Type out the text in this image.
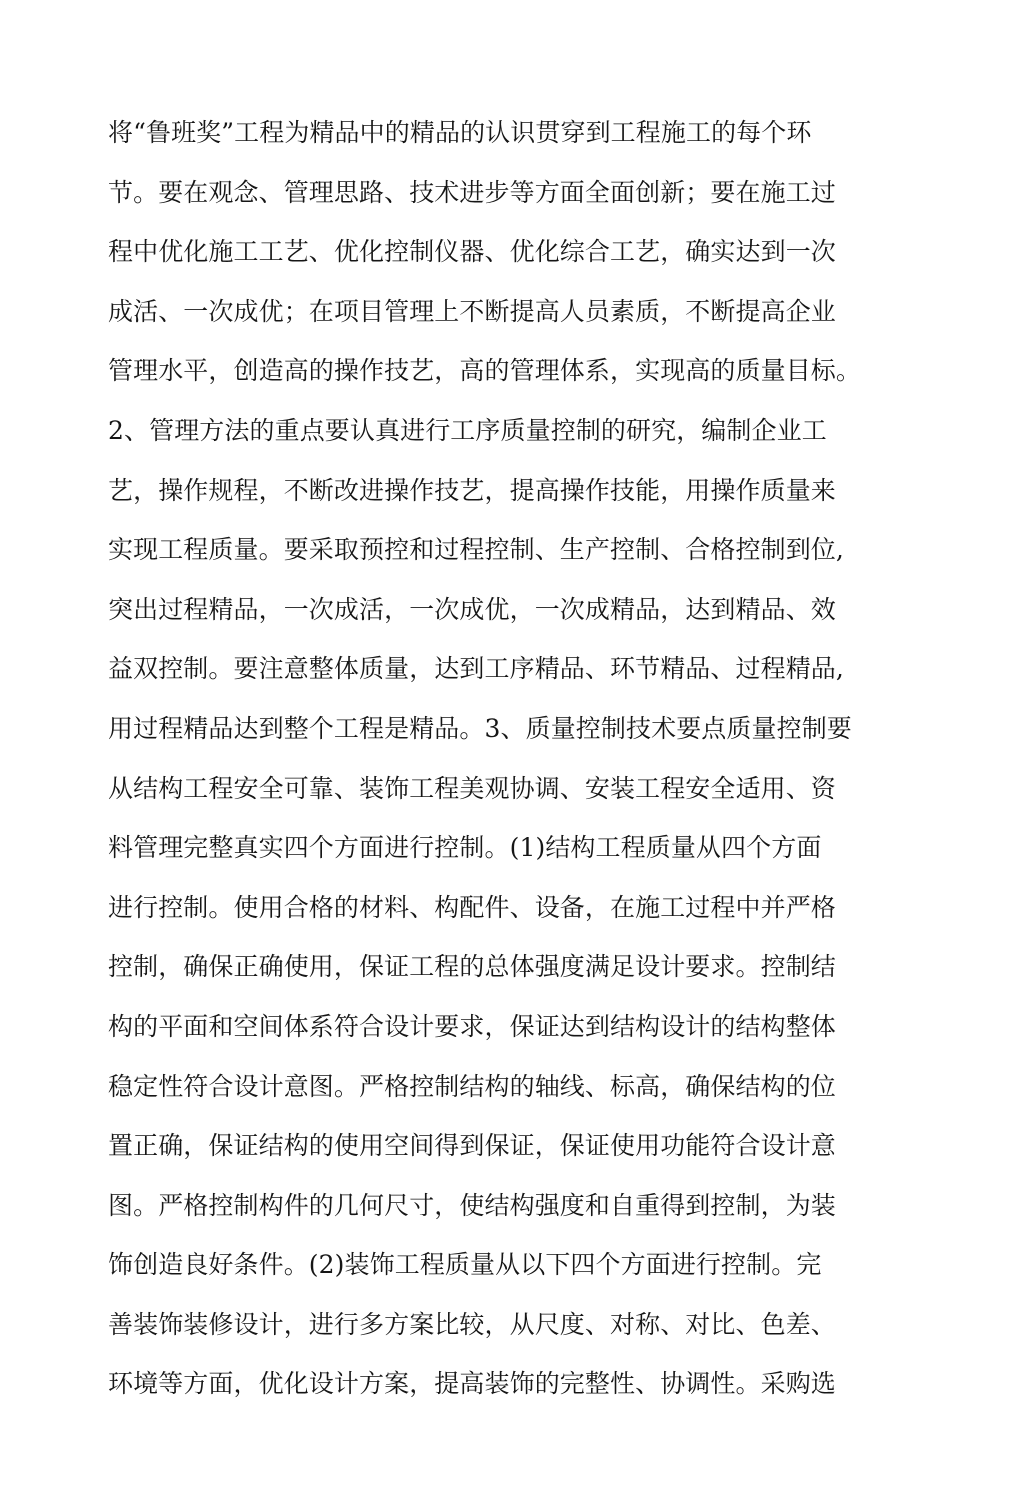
将“鲁班奖”工程为精品中的精品的认识贯穿到工程施工的每个环
节。要在观念、管理思路、技术进步等方面全面创新；要在施工过
程中优化施工工艺、优化控制仪器、优化综合工艺，确实达到一次
成活、一次成优；在项目管理上不断提高人员素质，不断提高企业
管理水平，创造高的操作技艺，高的管理体系，实现高的质量目标。
2、管理方法的重点要认真进行工序质量控制的研究，编制企业工
艺，操作规程，不断改进操作技艺，提高操作技能，用操作质量来
实现工程质量。要采取预控和过程控制、生产控制、合格控制到位,
突出过程精品，一次成活，一次成优，一次成精品，达到精品、效
益双控制。要注意整体质量，达到工序精品、环节精品、过程精品,
用过程精品达到整个工程是精品。3、质量控制技术要点质量控制要
从结构工程安全可靠、装饰工程美观协调、安装工程安全适用、资
料管理完整真实四个方面进行控制。(1)结构工程质量从四个方面
进行控制。使用合格的材料、构配件、设备，在施工过程中并严格
控制，确保正确使用，保证工程的总体强度满足设计要求。控制结
构的平面和空间体系符合设计要求，保证达到结构设计的结构整体
稳定性符合设计意图。严格控制结构的轴线、标高，确保结构的位
置正确，保证结构的使用空间得到保证，保证使用功能符合设计意
图。严格控制构件的几何尺寸，使结构强度和自重得到控制，为装
饰创造良好条件。(2)装饰工程质量从以下四个方面进行控制。完
善装饰装修设计，进行多方案比较，从尺度、对称、对比、色差、
环境等方面，优化设计方案，提高装饰的完整性、协调性。采购选
